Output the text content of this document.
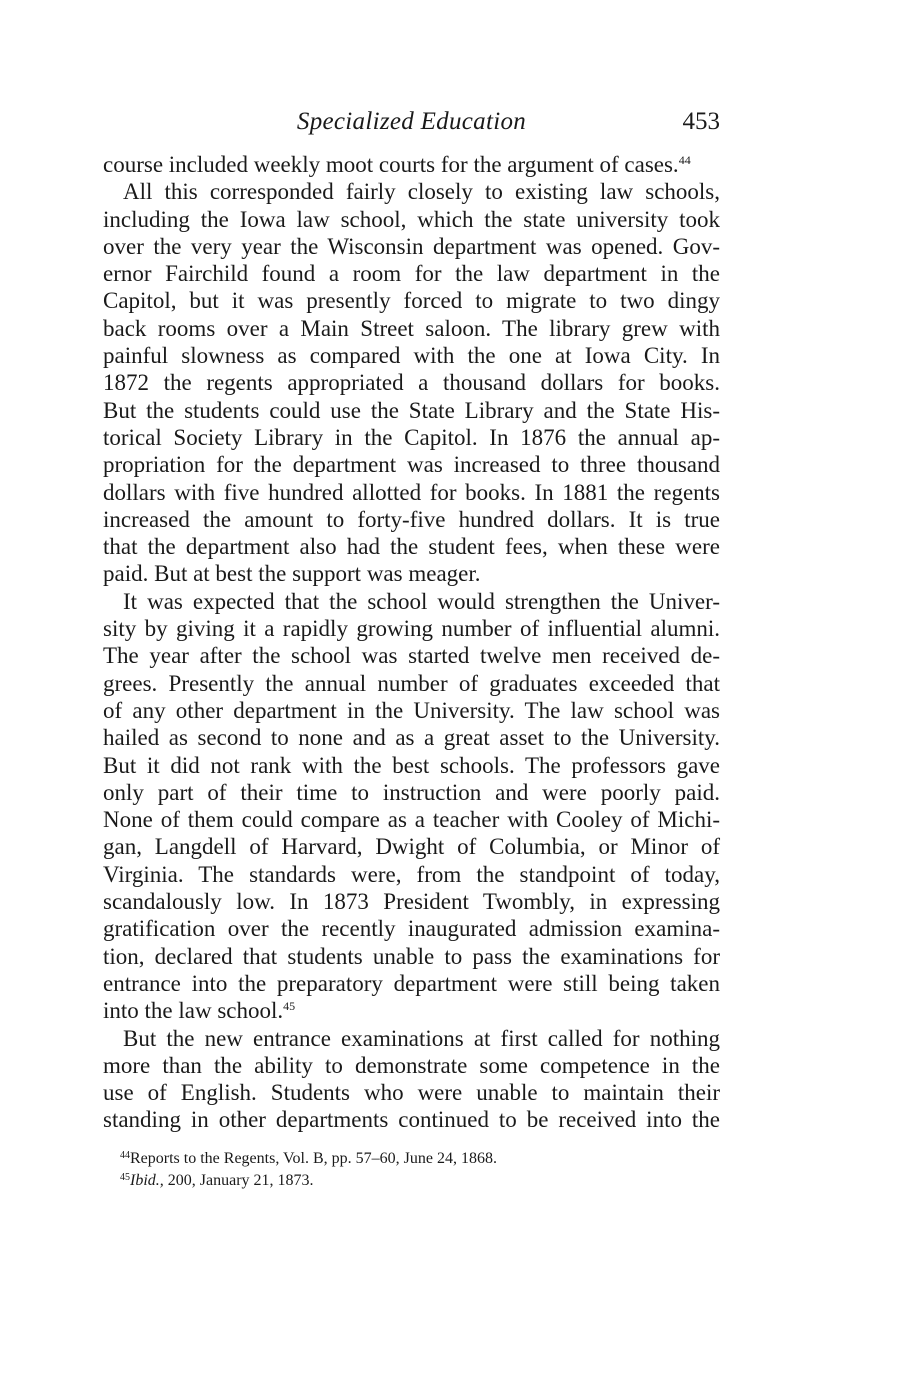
Specialized Education	453
course included weekly moot courts for the argument of cases.$^{44}$
All this corresponded fairly closely to existing law schools,
including the Iowa law school, which the state university took
over the very year the Wisconsin department was opened. Gov-
ernor Fairchild found a room for the law department in the
Capitol, but it was presently forced to migrate to two dingy
back rooms over a Main Street saloon. The library grew with
painful slowness as compared with the one at Iowa City. In
1872 the regents appropriated a thousand dollars for books.
But the students could use the State Library and the State His-
torical Society Library in the Capitol. In 1876 the annual ap-
propriation for the department was increased to three thousand
dollars with five hundred allotted for books. In 1881 the regents
increased the amount to forty-five hundred dollars. It is true
that the department also had the student fees, when these were
paid. But at best the support was meager.
It was expected that the school would strengthen the Univer-
sity by giving it a rapidly growing number of influential alumni.
The year after the school was started twelve men received de-
grees. Presently the annual number of graduates exceeded that
of any other department in the University. The law school was
hailed as second to none and as a great asset to the University.
But it did not rank with the best schools. The professors gave
only part of their time to instruction and were poorly paid.
None of them could compare as a teacher with Cooley of Michi-
gan, Langdell of Harvard, Dwight of Columbia, or Minor of
Virginia. The standards were, from the standpoint of today,
scandalously low. In 1873 President Twombly, in expressing
gratification over the recently inaugurated admission examina-
tion, declared that students unable to pass the examinations for
entrance into the preparatory department were still being taken
into the law school.$^{45}$
But the new entrance examinations at first called for nothing
more than the ability to demonstrate some competence in the
use of English. Students who were unable to maintain their
standing in other departments continued to be received into the
$^{44}$Reports to the Regents, Vol. B, pp. 57–60, June 24, 1868.
$^{45}$Ibid., 200, January 21, 1873.
